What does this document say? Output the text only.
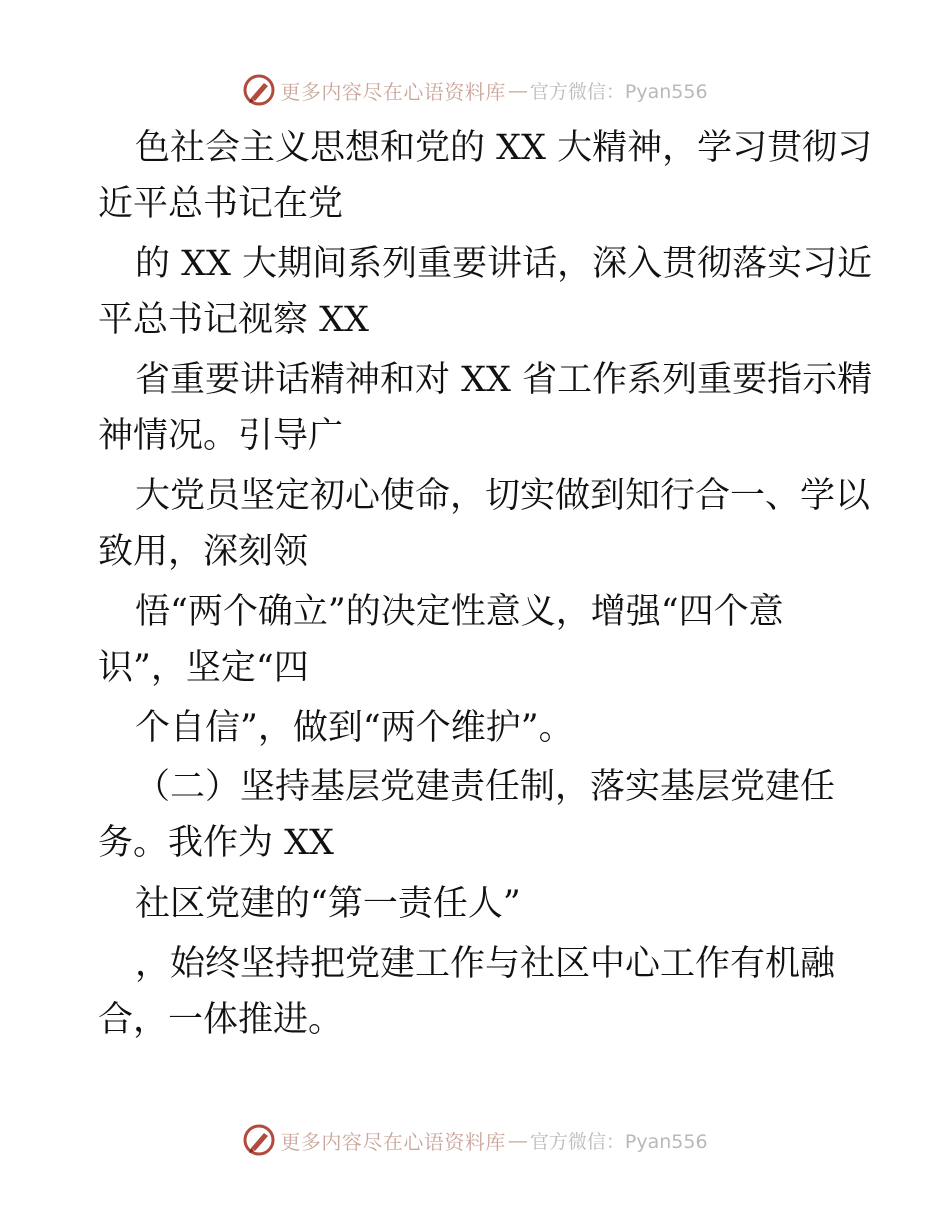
更多内容尽在心语资料库 — 官方微信：Pyan556
色社会主义思想和党的 XX 大精神，学习贯彻习
近平总书记在党
的 XX 大期间系列重要讲话，深入贯彻落实习近
平总书记视察 XX
省重要讲话精神和对 XX 省工作系列重要指示精
神情况。引导广
大党员坚定初心使命，切实做到知行合一、学以
致用，深刻领
悟“两个确立”的决定性意义，增强“四个意
识”，坚定“四
个自信”，做到“两个维护”。
（二）坚持基层党建责任制，落实基层党建任
务。我作为 XX
社区党建的“第一责任人”
，始终坚持把党建工作与社区中心工作有机融
合，一体推进。
更多内容尽在心语资料库 — 官方微信：Pyan556
